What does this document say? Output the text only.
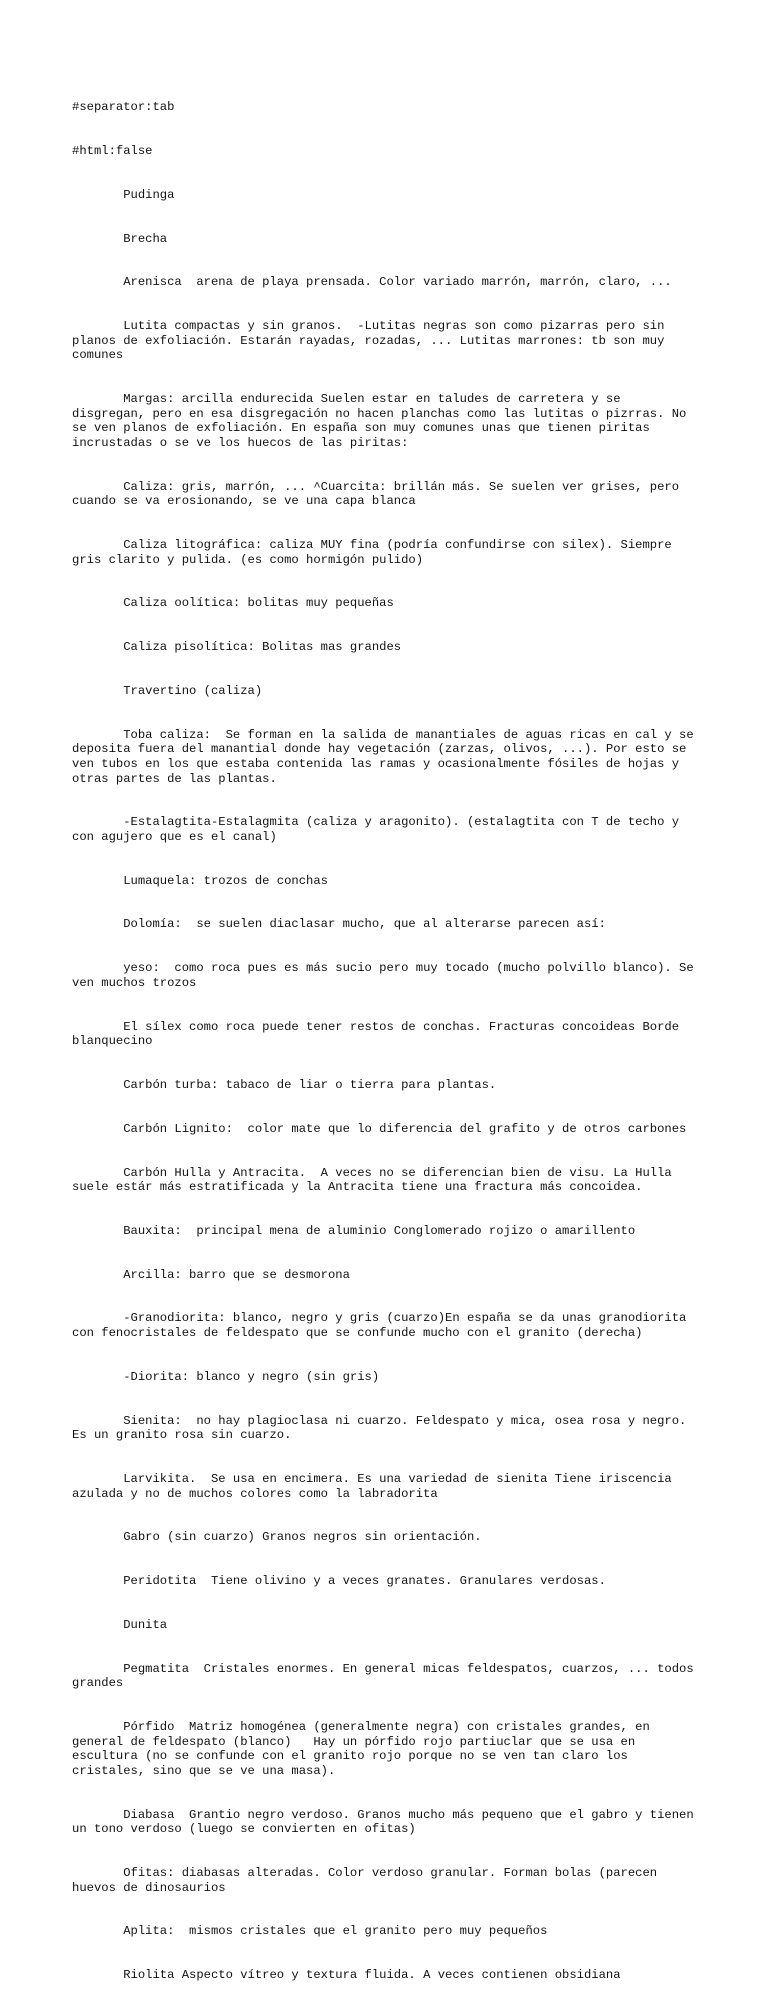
#separator:tab

#html:false

Pudinga

Brecha

Arenisca  arena de playa prensada. Color variado marrón, marrón, claro, ...

Lutita compactas y sin granos.  -Lutitas negras son como pizarras pero sin planos de exfoliación. Estarán rayadas, rozadas, ... Lutitas marrones: tb son muy comunes

Margas: arcilla endurecida Suelen estar en taludes de carretera y se disgregan, pero en esa disgregación no hacen planchas como las lutitas o pizrras. No se ven planos de exfoliación. En españa son muy comunes unas que tienen piritas incrustadas o se ve los huecos de las piritas:

Caliza: gris, marrón, ... ^Cuarcita: brillán más. Se suelen ver grises, pero cuando se va erosionando, se ve una capa blanca

Caliza litográfica: caliza MUY fina (podría confundirse con silex). Siempre gris clarito y pulida. (es como hormigón pulido)

Caliza oolítica: bolitas muy pequeñas

Caliza pisolítica: Bolitas mas grandes

Travertino (caliza)

Toba caliza:  Se forman en la salida de manantiales de aguas ricas en cal y se deposita fuera del manantial donde hay vegetación (zarzas, olivos, ...). Por esto se ven tubos en los que estaba contenida las ramas y ocasionalmente fósiles de hojas y otras partes de las plantas.

-Estalagtita-Estalagmita (caliza y aragonito). (estalagtita con T de techo y con agujero que es el canal)

Lumaquela: trozos de conchas

Dolomía:  se suelen diaclasar mucho, que al alterarse parecen así:

yeso:  como roca pues es más sucio pero muy tocado (mucho polvillo blanco). Se ven muchos trozos

El sílex como roca puede tener restos de conchas. Fracturas concoideas Borde blanquecino

Carbón turba: tabaco de liar o tierra para plantas.

Carbón Lignito:  color mate que lo diferencia del grafito y de otros carbones

Carbón Hulla y Antracita.  A veces no se diferencian bien de visu. La Hulla suele estár más estratificada y la Antracita tiene una fractura más concoidea.

Bauxita:  principal mena de aluminio Conglomerado rojizo o amarillento

Arcilla: barro que se desmorona

-Granodiorita: blanco, negro y gris (cuarzo)En españa se da unas granodiorita con fenocristales de feldespato que se confunde mucho con el granito (derecha)

-Diorita: blanco y negro (sin gris)

Sienita:  no hay plagioclasa ni cuarzo. Feldespato y mica, osea rosa y negro. Es un granito rosa sin cuarzo.

Larvikita.  Se usa en encimera. Es una variedad de sienita Tiene iriscencia azulada y no de muchos colores como la labradorita

Gabro (sin cuarzo) Granos negros sin orientación.

Peridotita  Tiene olivino y a veces granates. Granulares verdosas.

Dunita

Pegmatita  Cristales enormes. En general micas feldespatos, cuarzos, ... todos grandes

Pórfido  Matriz homogénea (generalmente negra) con cristales grandes, en general de feldespato (blanco)   Hay un pórfido rojo partiuclar que se usa en escultura (no se confunde con el granito rojo porque no se ven tan claro los cristales, sino que se ve una masa).

Diabasa  Grantio negro verdoso. Granos mucho más pequeno que el gabro y tienen un tono verdoso (luego se convierten en ofitas)

Ofitas: diabasas alteradas. Color verdoso granular. Forman bolas (parecen huevos de dinosaurios

Aplita:  mismos cristales que el granito pero muy pequeños

Riolita Aspecto vítreo y textura fluida. A veces contienen obsidiana
